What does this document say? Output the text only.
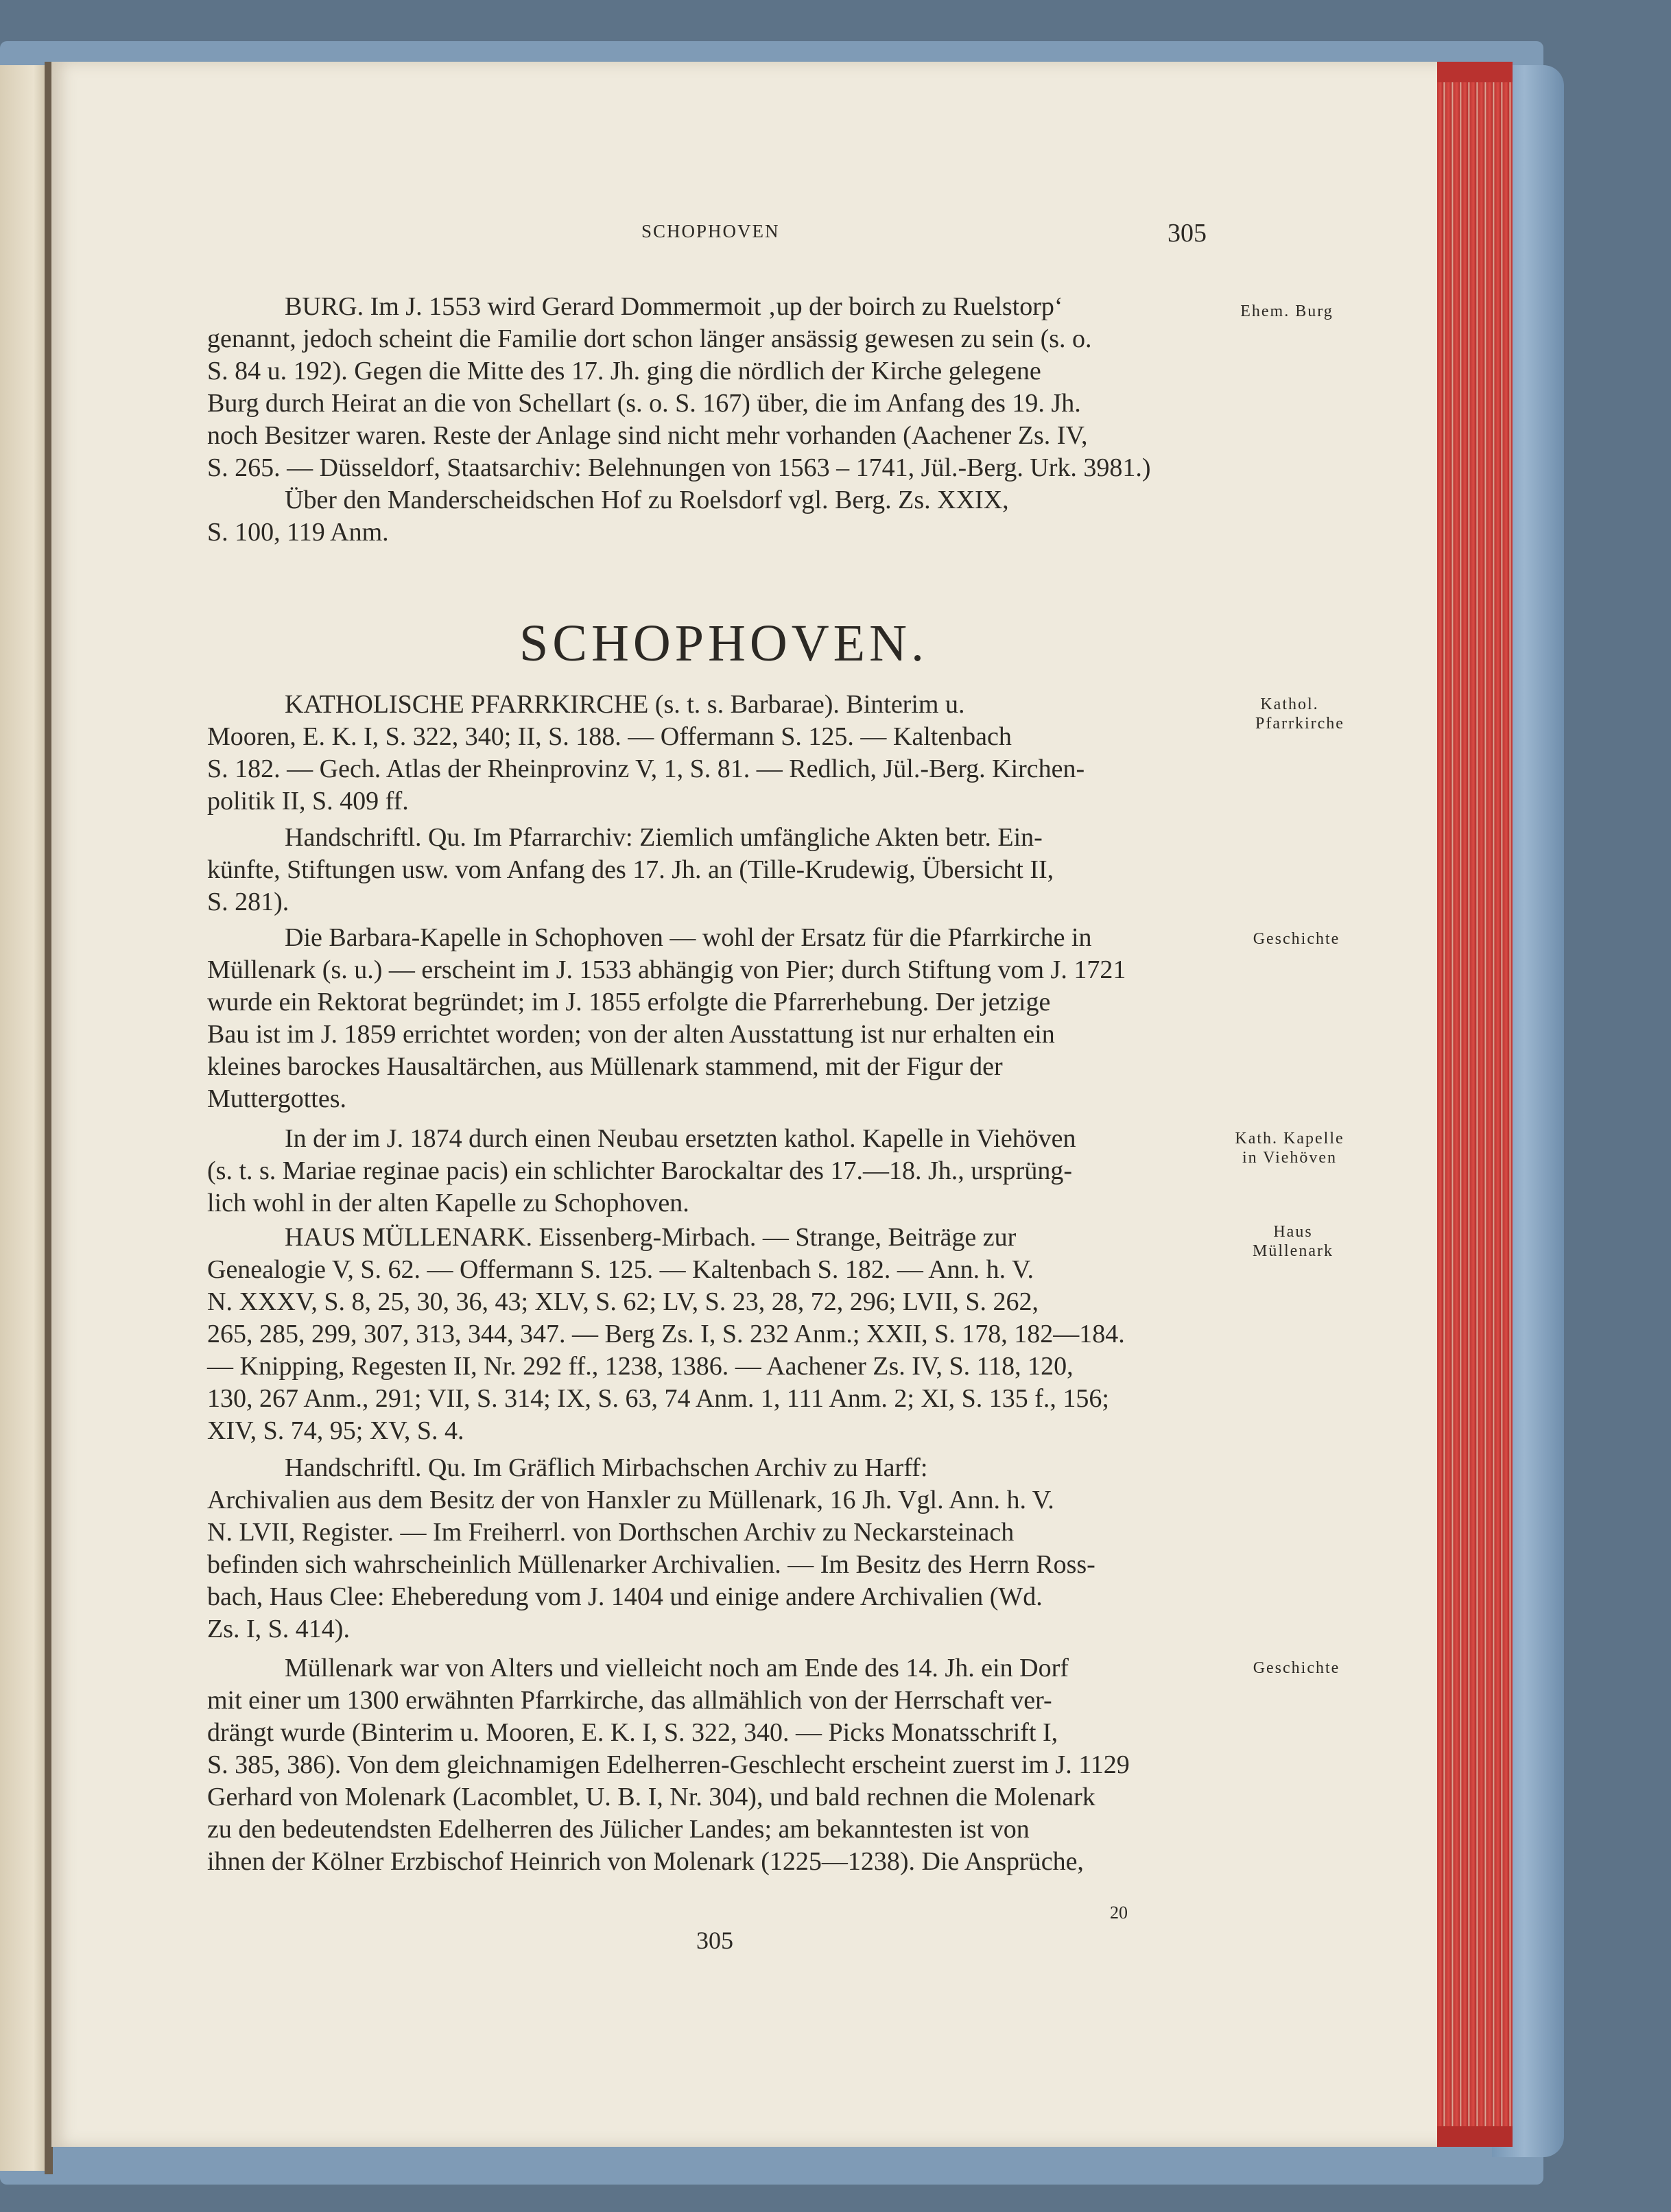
SCHOPHOVEN	305
BURG. Im J. 1553 wird Gerard Dommermoit ‚up der boirch zu Ruelstorp‘
genannt, jedoch scheint die Familie dort schon länger ansässig gewesen zu sein (s. o.
S. 84 u. 192). Gegen die Mitte des 17. Jh. ging die nördlich der Kirche gelegene
Burg durch Heirat an die von Schellart (s. o. S. 167) über, die im Anfang des 19. Jh.
noch Besitzer waren. Reste der Anlage sind nicht mehr vorhanden (Aachener Zs. IV,
S. 265. — Düsseldorf, Staatsarchiv: Belehnungen von 1563 – 1741, Jül.-Berg. Urk. 3981.)
Über den Manderscheidschen Hof zu Roelsdorf vgl. Berg. Zs. XXIX,
S. 100, 119 Anm.
Ehem. Burg
SCHOPHOVEN.
KATHOLISCHE PFARRKIRCHE (s. t. s. Barbarae). Binterim u.
Mooren, E. K. I, S. 322, 340; II, S. 188. — Offermann S. 125. — Kaltenbach
S. 182. — Gech. Atlas der Rheinprovinz V, 1, S. 81. — Redlich, Jül.-Berg. Kirchen-
politik II, S. 409 ff.
Kathol.
Pfarrkirche
Handschriftl. Qu. Im Pfarrarchiv: Ziemlich umfängliche Akten betr. Ein-
künfte, Stiftungen usw. vom Anfang des 17. Jh. an (Tille-Krudewig, Übersicht II,
S. 281).
Die Barbara-Kapelle in Schophoven — wohl der Ersatz für die Pfarrkirche in
Müllenark (s. u.) — erscheint im J. 1533 abhängig von Pier; durch Stiftung vom J. 1721
wurde ein Rektorat begründet; im J. 1855 erfolgte die Pfarrerhebung. Der jetzige
Bau ist im J. 1859 errichtet worden; von der alten Ausstattung ist nur erhalten ein
kleines barockes Hausaltärchen, aus Müllenark stammend, mit der Figur der
Muttergottes.
Geschichte
In der im J. 1874 durch einen Neubau ersetzten kathol. Kapelle in Viehöven
(s. t. s. Mariae reginae pacis) ein schlichter Barockaltar des 17.—18. Jh., ursprüng-
lich wohl in der alten Kapelle zu Schophoven.
Kath. Kapelle
in Viehöven
HAUS MÜLLENARK. Eissenberg-Mirbach. — Strange, Beiträge zur
Genealogie V, S. 62. — Offermann S. 125. — Kaltenbach S. 182. — Ann. h. V.
N. XXXV, S. 8, 25, 30, 36, 43; XLV, S. 62; LV, S. 23, 28, 72, 296; LVII, S. 262,
265, 285, 299, 307, 313, 344, 347. — Berg Zs. I, S. 232 Anm.; XXII, S. 178, 182—184.
— Knipping, Regesten II, Nr. 292 ff., 1238, 1386. — Aachener Zs. IV, S. 118, 120,
130, 267 Anm., 291; VII, S. 314; IX, S. 63, 74 Anm. 1, 111 Anm. 2; XI, S. 135 f., 156;
XIV, S. 74, 95; XV, S. 4.
Haus
Müllenark
Handschriftl. Qu. Im Gräflich Mirbachschen Archiv zu Harff:
Archivalien aus dem Besitz der von Hanxler zu Müllenark, 16 Jh. Vgl. Ann. h. V.
N. LVII, Register. — Im Freiherrl. von Dorthschen Archiv zu Neckarsteinach
befinden sich wahrscheinlich Müllenarker Archivalien. — Im Besitz des Herrn Ross-
bach, Haus Clee: Eheberedung vom J. 1404 und einige andere Archivalien (Wd.
Zs. I, S. 414).
Müllenark war von Alters und vielleicht noch am Ende des 14. Jh. ein Dorf
mit einer um 1300 erwähnten Pfarrkirche, das allmählich von der Herrschaft ver-
drängt wurde (Binterim u. Mooren, E. K. I, S. 322, 340. — Picks Monatsschrift I,
S. 385, 386). Von dem gleichnamigen Edelherren-Geschlecht erscheint zuerst im J. 1129
Gerhard von Molenark (Lacomblet, U. B. I, Nr. 304), und bald rechnen die Molenark
zu den bedeutendsten Edelherren des Jülicher Landes; am bekanntesten ist von
ihnen der Kölner Erzbischof Heinrich von Molenark (1225—1238). Die Ansprüche,
Geschichte
20
305
